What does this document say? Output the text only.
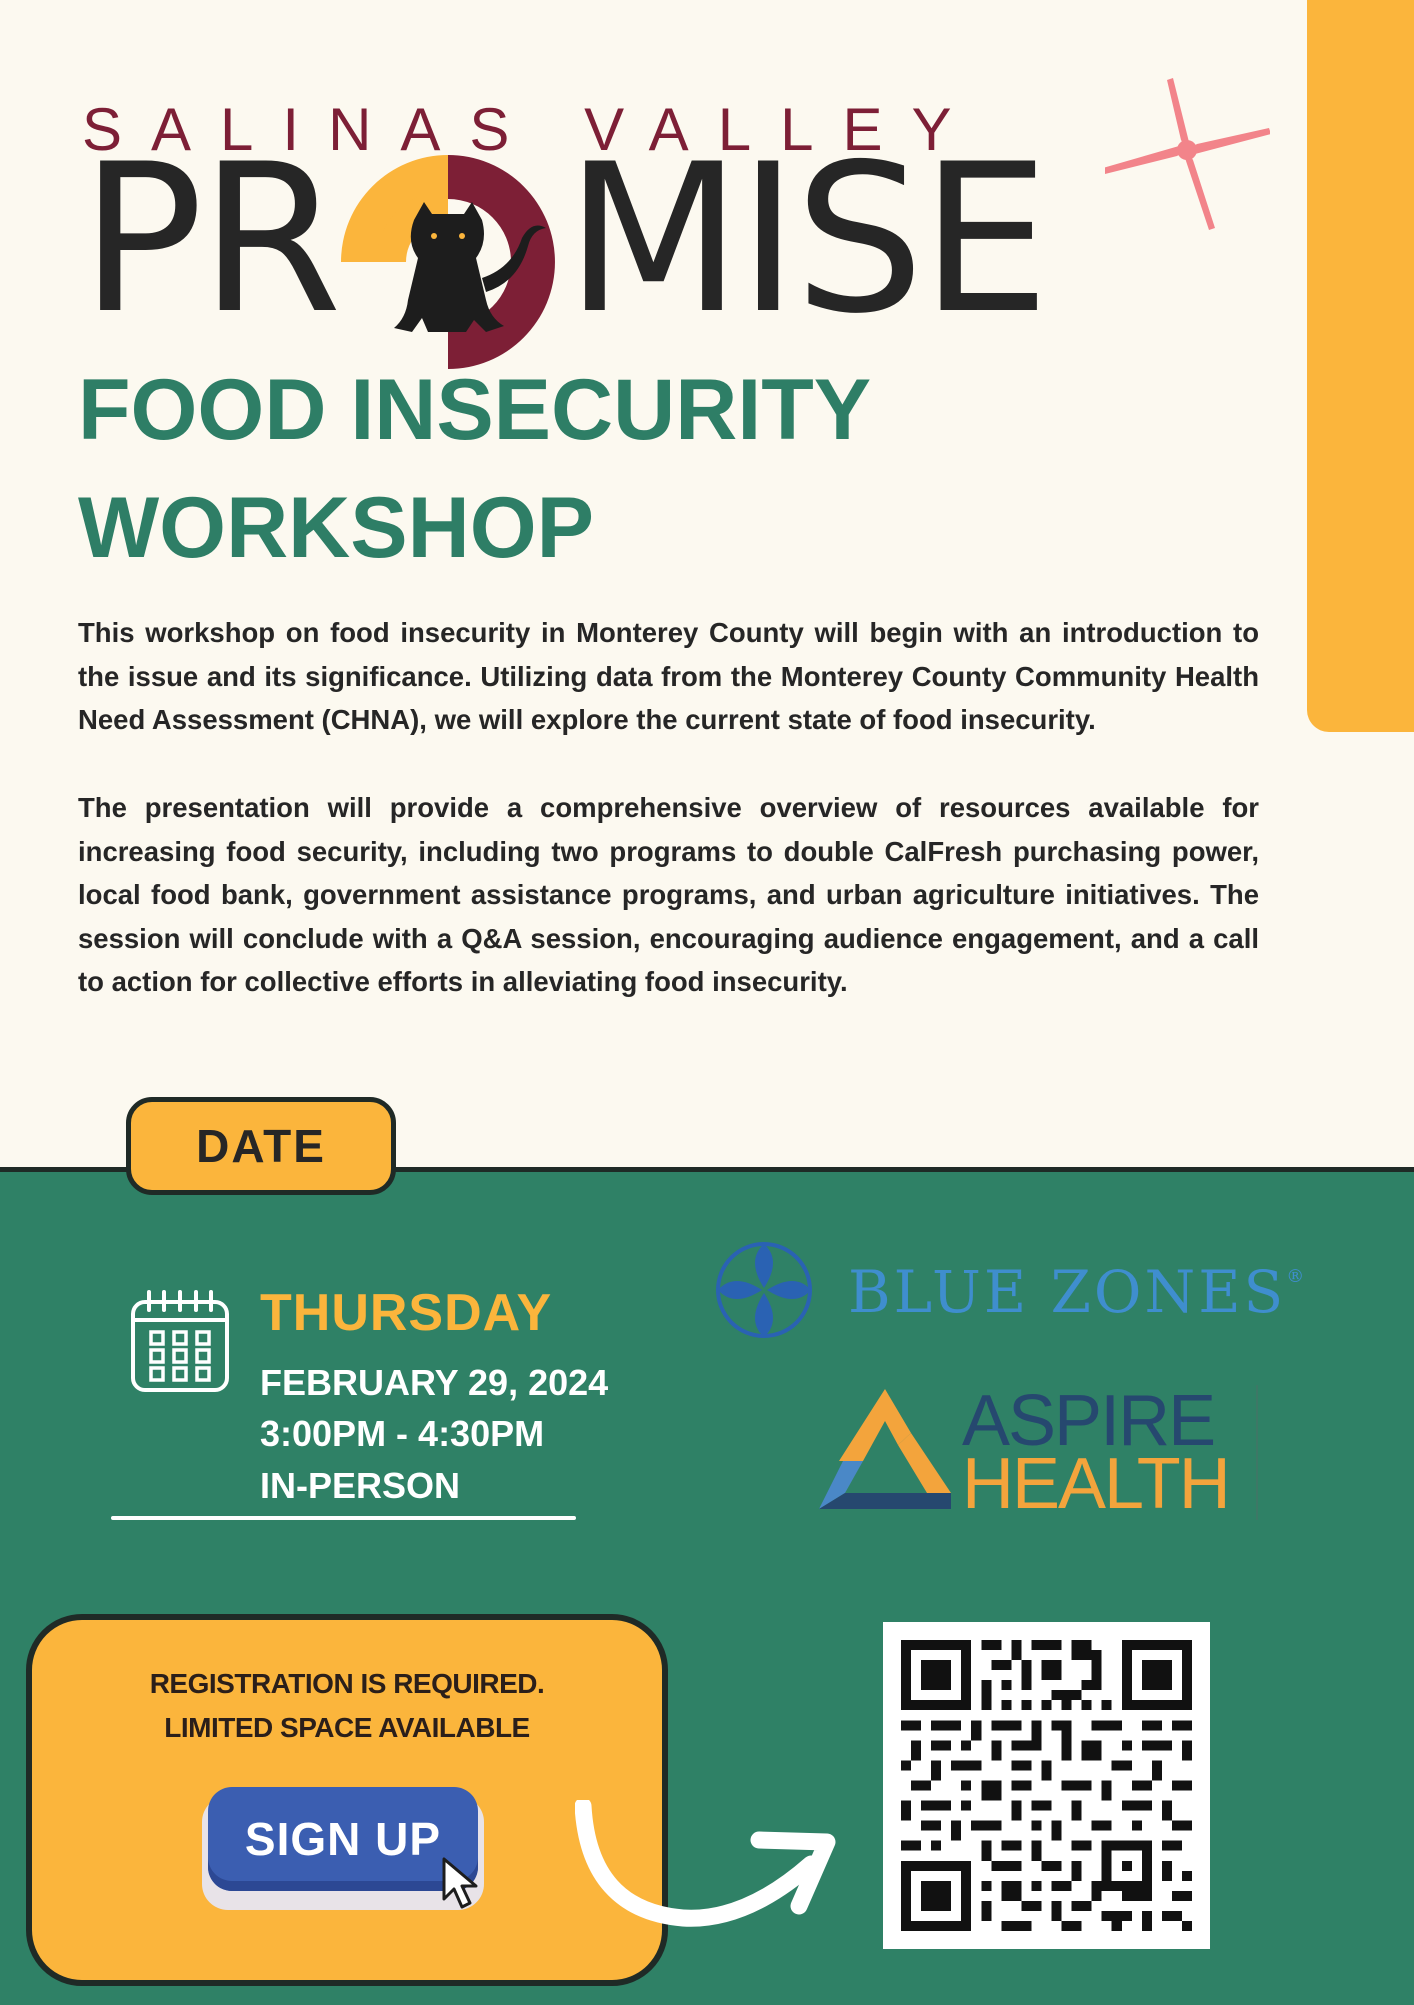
SALINAS VALLEY
PR MISE
FOOD INSECURITY
WORKSHOP
This workshop on food insecurity in Monterey County will begin with an introduction to the issue and its significance. Utilizing data from the Monterey County Community Health Need Assessment (CHNA), we will explore the current state of food insecurity.
The presentation will provide a comprehensive overview of resources available for increasing food security, including two programs to double CalFresh purchasing power, local food bank, government assistance programs, and urban agriculture initiatives. The session will conclude with a Q&A session, encouraging audience engagement, and a call to action for collective efforts in alleviating food insecurity.
DATE
THURSDAY
FEBRUARY 29, 2024
3:00PM - 4:30PM
IN-PERSON
BLUE ZONES®
ASPIRE
HEALTH
REGISTRATION IS REQUIRED.
LIMITED SPACE AVAILABLE
SIGN UP
